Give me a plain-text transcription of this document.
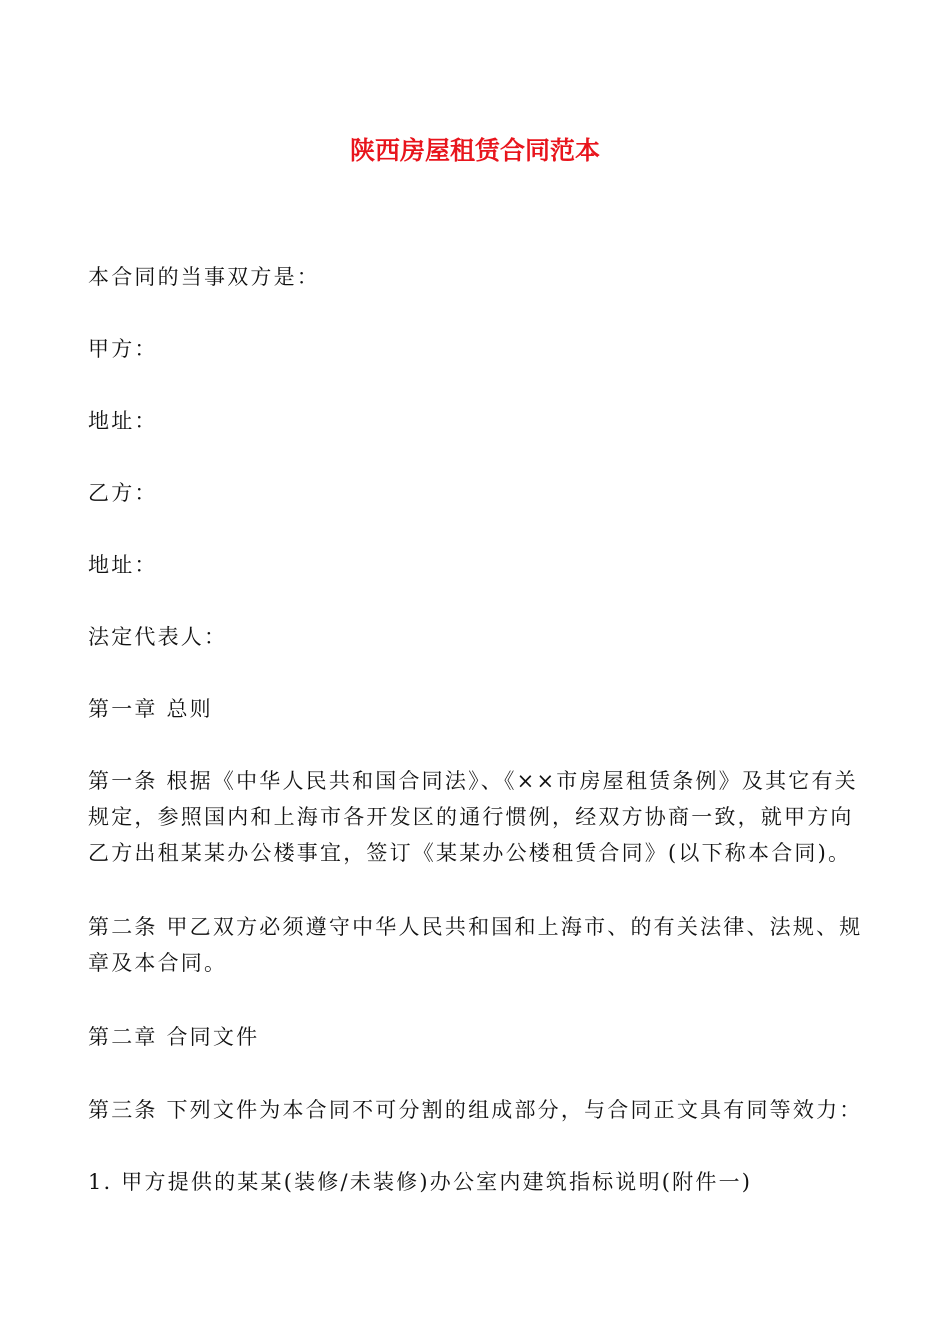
陕西房屋租赁合同范本

本合同的当事双方是：

甲方：

地址：

乙方：

地址：

法定代表人：

第一章 总则

第一条 根据《中华人民共和国合同法》、《××市房屋租赁条例》及其它有关规定，参照国内和上海市各开发区的通行惯例，经双方协商一致，就甲方向乙方出租某某办公楼事宜，签订《某某办公楼租赁合同》(以下称本合同)。

第二条 甲乙双方必须遵守中华人民共和国和上海市、的有关法律、法规、规章及本合同。

第二章 合同文件

第三条 下列文件为本合同不可分割的组成部分，与合同正文具有同等效力：

1. 甲方提供的某某(装修/未装修)办公室内建筑指标说明(附件一)
